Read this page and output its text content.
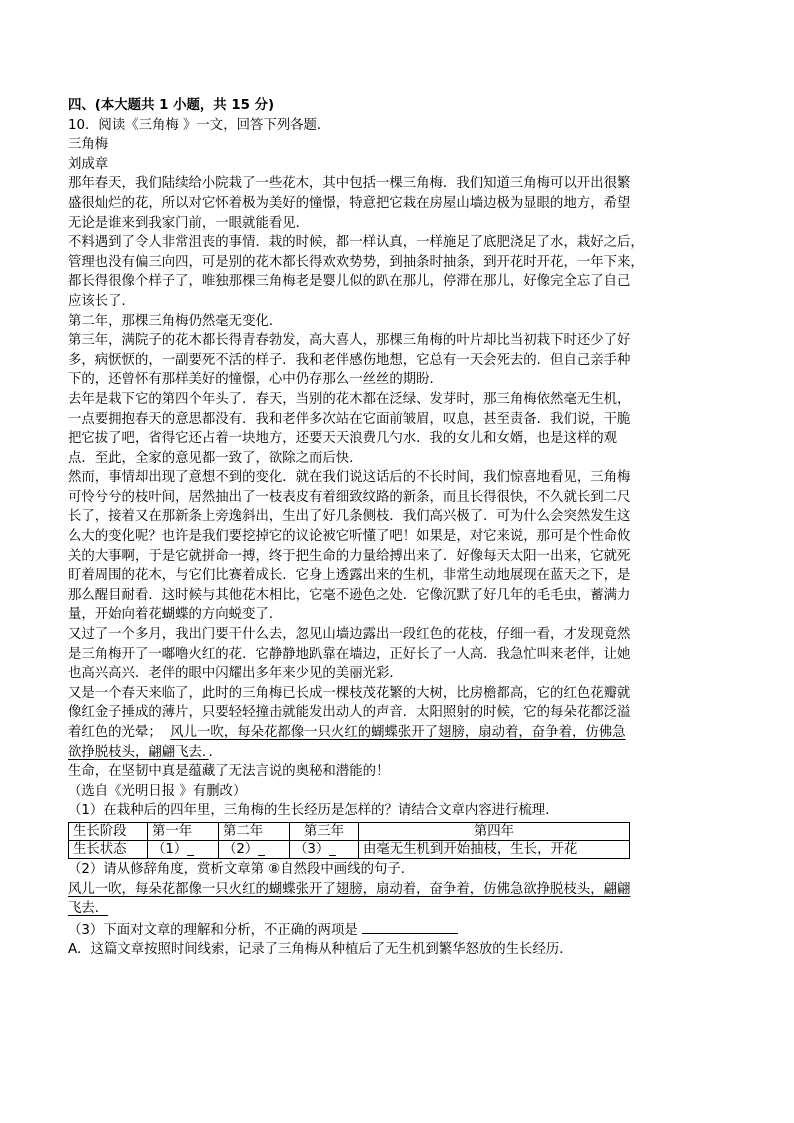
四、(本大题共 1 小题，共 15 分)

10．阅读《三角梅 》一文，回答下列各题．

三角梅

刘成章

那年春天，我们陆续给小院栽了一些花木，其中包括一棵三角梅．我们知道三角梅可以开出很繁

盛很灿烂的花，所以对它怀着极为美好的憧憬，特意把它栽在房屋山墙边极为显眼的地方，希望

无论是谁来到我家门前，一眼就能看见．

不料遇到了令人非常沮丧的事情．栽的时候，都一样认真，一样施足了底肥浇足了水，栽好之后，

管理也没有偏三向四，可是别的花木都长得欢欢势势，到抽条时抽条，到开花时开花，一年下来，

都长得很像个样子了，唯独那棵三角梅老是婴儿似的趴在那儿，停滞在那儿，好像完全忘了自己

应该长了．

第二年，那棵三角梅仍然毫无变化．

第三年，满院子的花木都长得青春勃发，高大喜人，那棵三角梅的叶片却比当初栽下时还少了好

多，病恹恹的，一副要死不活的样子．我和老伴感伤地想，它总有一天会死去的．但自己亲手种

下的，还曾怀有那样美好的憧憬，心中仍存那么一丝丝的期盼．

去年是栽下它的第四个年头了．春天，当别的花木都在泛绿、发芽时，那三角梅依然毫无生机，

一点要拥抱春天的意思都没有．我和老伴多次站在它面前皱眉，叹息，甚至责备．我们说，干脆

把它拔了吧，省得它还占着一块地方，还要天天浪费几勺水．我的女儿和女婿，也是这样的观

点．至此，全家的意见都一致了，欲除之而后快．

然而，事情却出现了意想不到的变化．就在我们说这话后的不长时间，我们惊喜地看见，三角梅

可怜兮兮的枝叶间，居然抽出了一枝表皮有着细致纹路的新条，而且长得很快，不久就长到二尺

长了，接着又在那新条上旁逸斜出，生出了好几条侧枝．我们高兴极了．可为什么会突然发生这

么大的变化呢？也许是我们要挖掉它的议论被它听懂了吧！如果是，对它来说，那可是个性命攸

关的大事啊，于是它就拼命一搏，终于把生命的力量给搏出来了．好像每天太阳一出来，它就死

盯着周围的花木，与它们比赛着成长．它身上透露出来的生机，非常生动地展现在蓝天之下，是

那么醒目耐看．这时候与其他花木相比，它毫不逊色之处．它像沉默了好几年的毛毛虫，蓄满力

量，开始向着花蝴蝶的方向蜕变了．

又过了一个多月，我出门要干什么去，忽见山墙边露出一段红色的花枝，仔细一看，才发现竟然

是三角梅开了一嘟噜火红的花．它静静地趴靠在墙边，正好长了一人高．我急忙叫来老伴，让她

也高兴高兴．老伴的眼中闪耀出多年来少见的美丽光彩．

又是一个春天来临了，此时的三角梅已长成一棵枝茂花繁的大树，比房檐都高，它的红色花瓣就

像红金子捶成的薄片，只要轻轻撞击就能发出动人的声音．太阳照射的时候，它的每朵花都泛溢

着红色的光晕； 风儿一吹，每朵花都像一只火红的蝴蝶张开了翅膀，扇动着，奋争着，仿佛急

欲挣脱枝头，翩翩飞去．．

生命，在坚韧中真是蕴藏了无法言说的奥秘和潜能的！

（选自《光明日报 》有删改）

（1）在栽种后的四年里，三角梅的生长经历是怎样的？请结合文章内容进行梳理．

生长阶段	第一年	第二年	第三年	第四年
生长状态	（1）_	（2）_	（3）_	由毫无生机到开始抽枝，生长，开花

（2）请从修辞角度，赏析文章第 ⑧自然段中画线的句子．

风儿一吹，每朵花都像一只火红的蝴蝶张开了翅膀，扇动着，奋争着，仿佛急欲挣脱枝头，翩翩

飞去．

（3）下面对文章的理解和分析，不正确的两项是

A．这篇文章按照时间线索，记录了三角梅从种植后了无生机到繁华怒放的生长经历．
